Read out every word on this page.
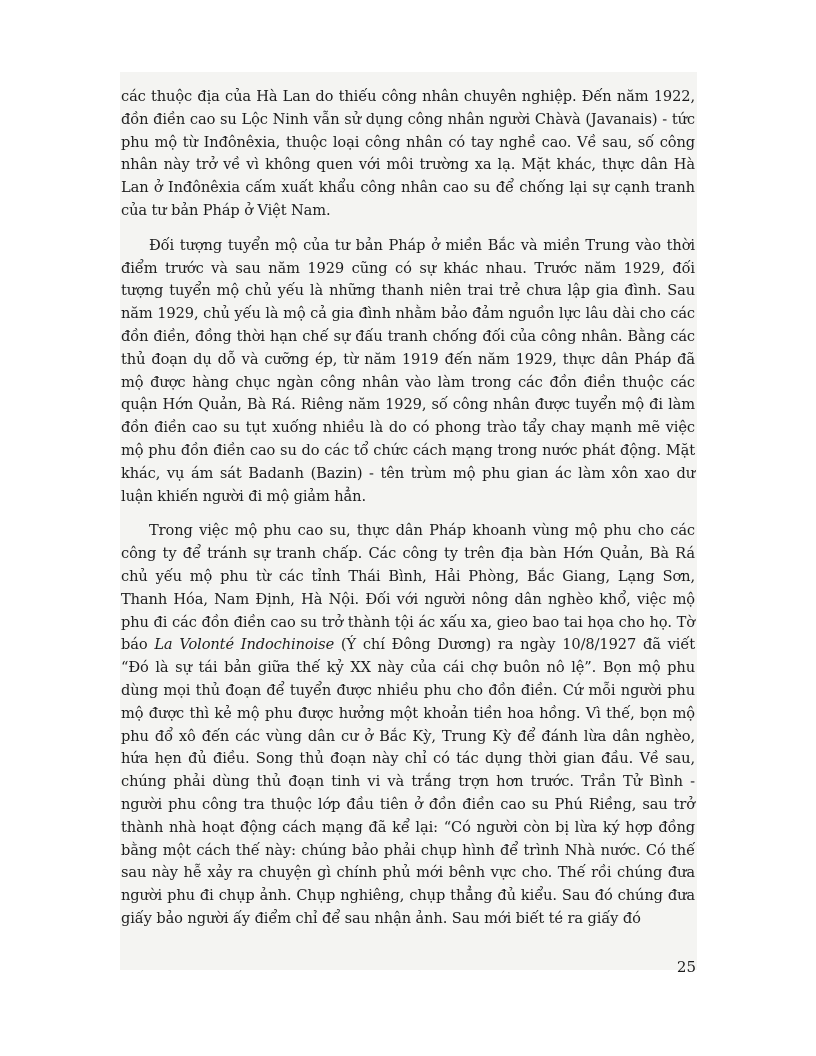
các thuộc địa của Hà Lan do thiếu công nhân chuyên nghiệp. Đến năm 1922, đồn điền cao su Lộc Ninh vẫn sử dụng công nhân người Chàvà (Javanais) - tức phu mộ từ Inđônêxia, thuộc loại công nhân có tay nghề cao. Về sau, số công nhân này trở về vì không quen với môi trường xa lạ. Mặt khác, thực dân Hà Lan ở Inđônêxia cấm xuất khẩu công nhân cao su để chống lại sự cạnh tranh của tư bản Pháp ở Việt Nam.

Đối tượng tuyển mộ của tư bản Pháp ở miền Bắc và miền Trung vào thời điểm trước và sau năm 1929 cũng có sự khác nhau. Trước năm 1929, đối tượng tuyển mộ chủ yếu là những thanh niên trai trẻ chưa lập gia đình. Sau năm 1929, chủ yếu là mộ cả gia đình nhằm bảo đảm nguồn lực lâu dài cho các đồn điền, đồng thời hạn chế sự đấu tranh chống đối của công nhân. Bằng các thủ đoạn dụ dỗ và cưỡng ép, từ năm 1919 đến năm 1929, thực dân Pháp đã mộ được hàng chục ngàn công nhân vào làm trong các đồn điền thuộc các quận Hớn Quản, Bà Rá. Riêng năm 1929, số công nhân được tuyển mộ đi làm đồn điền cao su tụt xuống nhiều là do có phong trào tẩy chay mạnh mẽ việc mộ phu đồn điền cao su do các tổ chức cách mạng trong nước phát động. Mặt khác, vụ ám sát Badanh (Bazin) - tên trùm mộ phu gian ác làm xôn xao dư luận khiến người đi mộ giảm hẳn.

Trong việc mộ phu cao su, thực dân Pháp khoanh vùng mộ phu cho các công ty để tránh sự tranh chấp. Các công ty trên địa bàn Hớn Quản, Bà Rá chủ yếu mộ phu từ các tỉnh Thái Bình, Hải Phòng, Bắc Giang, Lạng Sơn, Thanh Hóa, Nam Định, Hà Nội. Đối với người nông dân nghèo khổ, việc mộ phu đi các đồn điền cao su trở thành tội ác xấu xa, gieo bao tai họa cho họ. Tờ báo La Volonté Indochinoise (Ý chí Đông Dương) ra ngày 10/8/1927 đã viết “Đó là sự tái bản giữa thế kỷ XX này của cái chợ buôn nô lệ”. Bọn mộ phu dùng mọi thủ đoạn để tuyển được nhiều phu cho đồn điền. Cứ mỗi người phu mộ được thì kẻ mộ phu được hưởng một khoản tiền hoa hồng. Vì thế, bọn mộ phu đổ xô đến các vùng dân cư ở Bắc Kỳ, Trung Kỳ để đánh lừa dân nghèo, hứa hẹn đủ điều. Song thủ đoạn này chỉ có tác dụng thời gian đầu. Về sau, chúng phải dùng thủ đoạn tinh vi và trắng trợn hơn trước. Trần Tử Bình - người phu công tra thuộc lớp đầu tiên ở đồn điền cao su Phú Riềng, sau trở thành nhà hoạt động cách mạng đã kể lại: “Có người còn bị lừa ký hợp đồng bằng một cách thế này: chúng bảo phải chụp hình để trình Nhà nước. Có thế sau này hễ xảy ra chuyện gì chính phủ mới bênh vực cho. Thế rồi chúng đưa người phu đi chụp ảnh. Chụp nghiêng, chụp thẳng đủ kiểu. Sau đó chúng đưa giấy bảo người ấy điểm chỉ để sau nhận ảnh. Sau mới biết té ra giấy đó

25
